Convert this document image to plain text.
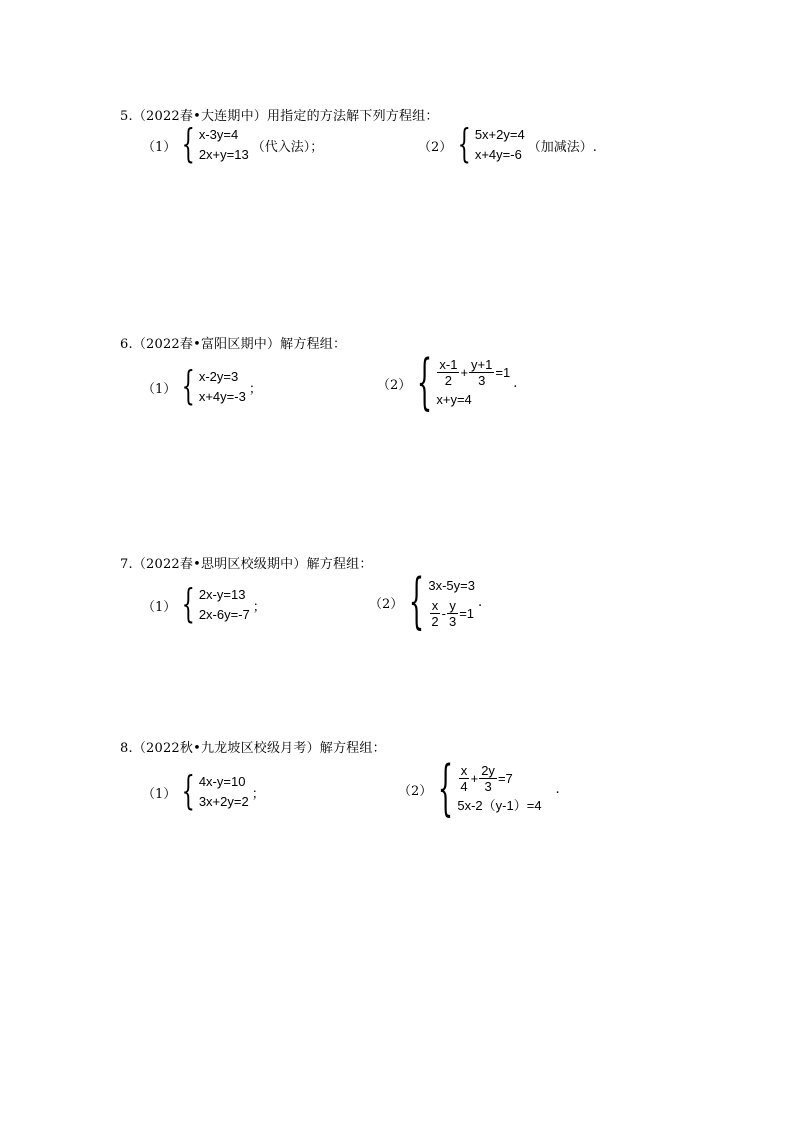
5.（2022春•大连期中）用指定的方法解下列方程组：
（1） { x-3y=4
2x+y=13 （代入法）；	（2） { 5x+2y=4
x+4y=-6 （加减法）.
6.（2022春•富阳区期中）解方程组：
（1） { x-2y=3
x+4y=-3 ；	（2） { $\frac{x-1}{2} + \frac{y+1}{3} =1$
x+y=4
.
7.（2022春•思明区校级期中）解方程组：
（1） { 2x-y=13
2x-6y=-7 ；	（2） { 3x-5y=3
$\frac{x}{2} - \frac{y}{3} =1$
.
8.（2022秋•九龙坡区校级月考）解方程组：
（1） { 4x-y=10
3x+2y=2 ；	（2） { $\frac{x}{4} + \frac{2y}{3} =7$
5x-2（y-1）=4
.
